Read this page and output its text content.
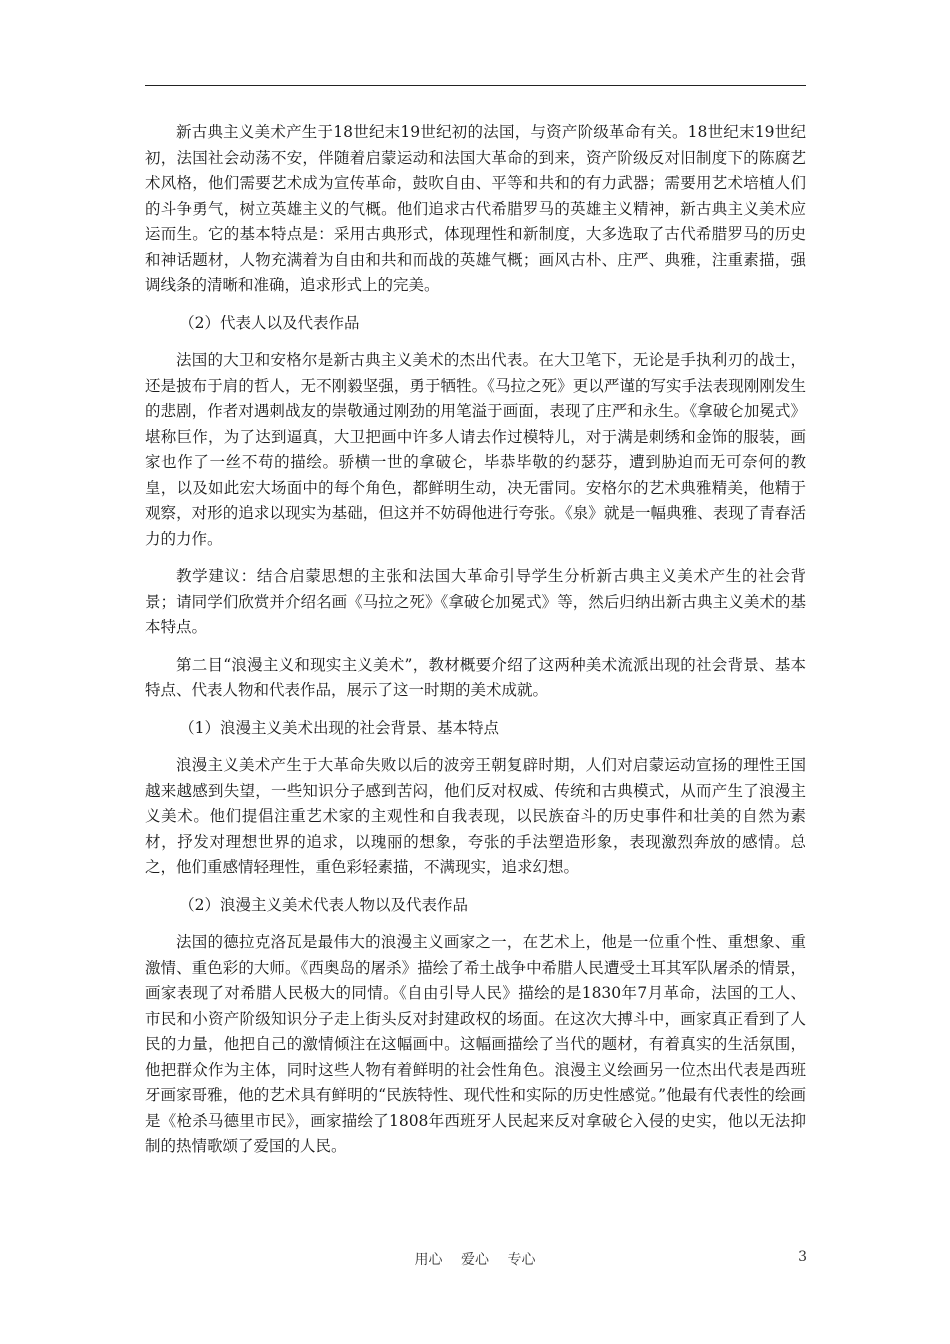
新古典主义美术产生于18世纪末19世纪初的法国，与资产阶级革命有关。18世纪末19世纪初，法国社会动荡不安，伴随着启蒙运动和法国大革命的到来，资产阶级反对旧制度下的陈腐艺术风格，他们需要艺术成为宣传革命，鼓吹自由、平等和共和的有力武器；需要用艺术培植人们的斗争勇气，树立英雄主义的气概。他们追求古代希腊罗马的英雄主义精神，新古典主义美术应运而生。它的基本特点是：采用古典形式，体现理性和新制度，大多选取了古代希腊罗马的历史和神话题材，人物充满着为自由和共和而战的英雄气概；画风古朴、庄严、典雅，注重素描，强调线条的清晰和准确，追求形式上的完美。

（2）代表人以及代表作品

法国的大卫和安格尔是新古典主义美术的杰出代表。在大卫笔下，无论是手执利刃的战士，还是披布于肩的哲人，无不刚毅坚强，勇于牺牲。《马拉之死》更以严谨的写实手法表现刚刚发生的悲剧，作者对遇刺战友的崇敬通过刚劲的用笔溢于画面，表现了庄严和永生。《拿破仑加冕式》堪称巨作，为了达到逼真，大卫把画中许多人请去作过模特儿，对于满是刺绣和金饰的服装，画家也作了一丝不苟的描绘。骄横一世的拿破仑，毕恭毕敬的约瑟芬，遭到胁迫而无可奈何的教皇，以及如此宏大场面中的每个角色，都鲜明生动，决无雷同。安格尔的艺术典雅精美，他精于观察，对形的追求以现实为基础，但这并不妨碍他进行夸张。《泉》就是一幅典雅、表现了青春活力的力作。

教学建议：结合启蒙思想的主张和法国大革命引导学生分析新古典主义美术产生的社会背景；请同学们欣赏并介绍名画《马拉之死》《拿破仑加冕式》等，然后归纳出新古典主义美术的基本特点。

第二目“浪漫主义和现实主义美术”，教材概要介绍了这两种美术流派出现的社会背景、基本特点、代表人物和代表作品，展示了这一时期的美术成就。

（1）浪漫主义美术出现的社会背景、基本特点

浪漫主义美术产生于大革命失败以后的波旁王朝复辟时期，人们对启蒙运动宣扬的理性王国越来越感到失望，一些知识分子感到苦闷，他们反对权威、传统和古典模式，从而产生了浪漫主义美术。他们提倡注重艺术家的主观性和自我表现，以民族奋斗的历史事件和壮美的自然为素材，抒发对理想世界的追求，以瑰丽的想象，夸张的手法塑造形象，表现激烈奔放的感情。总之，他们重感情轻理性，重色彩轻素描，不满现实，追求幻想。

（2）浪漫主义美术代表人物以及代表作品

法国的德拉克洛瓦是最伟大的浪漫主义画家之一，在艺术上，他是一位重个性、重想象、重激情、重色彩的大师。《西奥岛的屠杀》描绘了希土战争中希腊人民遭受土耳其军队屠杀的情景，画家表现了对希腊人民极大的同情。《自由引导人民》描绘的是1830年7月革命，法国的工人、市民和小资产阶级知识分子走上街头反对封建政权的场面。在这次大搏斗中，画家真正看到了人民的力量，他把自己的激情倾注在这幅画中。这幅画描绘了当代的题材，有着真实的生活氛围，他把群众作为主体，同时这些人物有着鲜明的社会性角色。浪漫主义绘画另一位杰出代表是西班牙画家哥雅，他的艺术具有鲜明的“民族特性、现代性和实际的历史性感觉。”他最有代表性的绘画是《枪杀马德里市民》，画家描绘了1808年西班牙人民起来反对拿破仑入侵的史实，他以无法抑制的热情歌颂了爱国的人民。

用心 爱心 专心	3
